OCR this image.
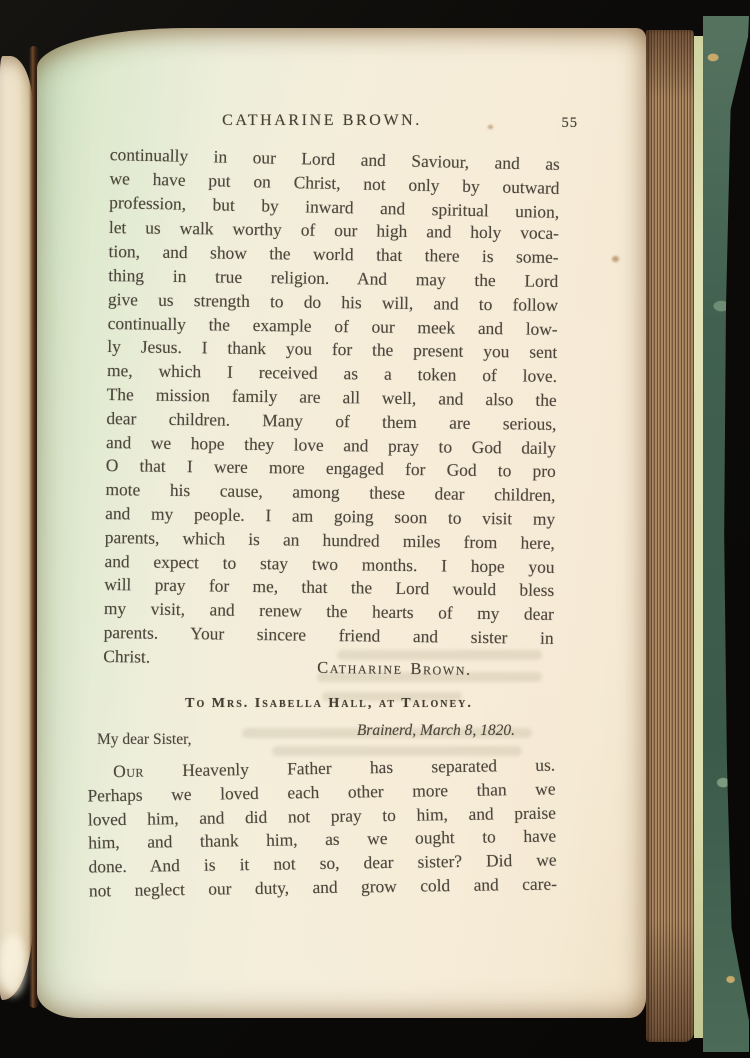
CATHARINE BROWN.	55
continually in our Lord and Saviour, and as
we have put on Christ, not only by outward
profession, but by inward and spiritual union,
let us walk worthy of our high and holy voca-
tion, and show the world that there is some-
thing in true religion. And may the Lord
give us strength to do his will, and to follow
continually the example of our meek and low-
ly Jesus. I thank you for the present you sent
me, which I received as a token of love.
The mission family are all well, and also the
dear children. Many of them are serious,
and we hope they love and pray to God daily
O that I were more engaged for God to pro
mote his cause, among these dear children,
and my people. I am going soon to visit my
parents, which is an hundred miles from here,
and expect to stay two months. I hope you
will pray for me, that the Lord would bless
my visit, and renew the hearts of my dear
parents. Your sincere friend and sister in
Christ.
Catharine Brown.
To Mrs. Isabella Hall, at Taloney.
Brainerd, March 8, 1820.
My dear Sister,
Our Heavenly Father has separated us.
Perhaps we loved each other more than we
loved him, and did not pray to him, and praise
him, and thank him, as we ought to have
done. And is it not so, dear sister? Did we
not neglect our duty, and grow cold and care-
